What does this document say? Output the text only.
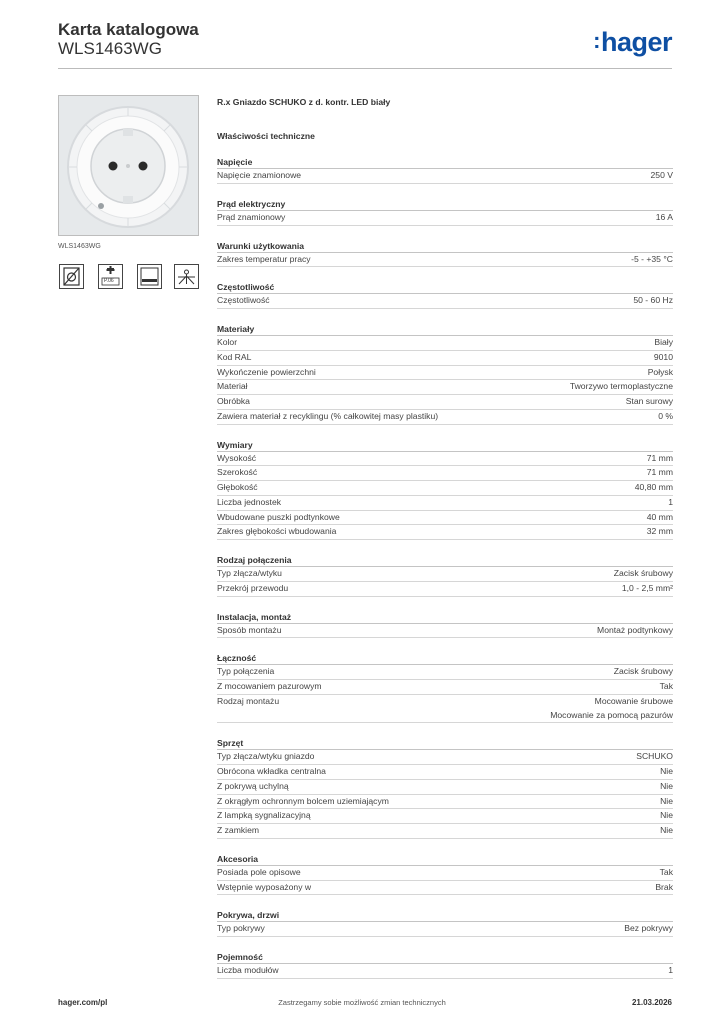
Karta katalogowa
WLS1463WG	:hager
WLS1463WG
P.06
R.x Gniazdo SCHUKO z d. kontr. LED biały
Właściwości techniczne
Napięcie
Napięcie znamionowe	250 V
Prąd elektryczny
Prąd znamionowy	16 A
Warunki użytkowania
Zakres temperatur pracy	-5 - +35 °C
Częstotliwość
Częstotliwość	50 - 60 Hz
Materiały
Kolor	Biały
Kod RAL	9010
Wykończenie powierzchni	Połysk
Materiał	Tworzywo termoplastyczne
Obróbka	Stan surowy
Zawiera materiał z recyklingu (% całkowitej masy plastiku)	0 %
Wymiary
Wysokość	71 mm
Szerokość	71 mm
Głębokość	40,80 mm
Liczba jednostek	1
Wbudowane puszki podtynkowe	40 mm
Zakres głębokości wbudowania	32 mm
Rodzaj połączenia
Typ złącza/wtyku	Zacisk śrubowy
Przekrój przewodu	1,0 - 2,5 mm²
Instalacja, montaż
Sposób montażu	Montaż podtynkowy
Łączność
Typ połączenia	Zacisk śrubowy
Z mocowaniem pazurowym	Tak
Rodzaj montażu	Mocowanie śrubowe
Mocowanie za pomocą pazurów
Sprzęt
Typ złącza/wtyku gniazdo	SCHUKO
Obrócona wkładka centralna	Nie
Z pokrywą uchylną	Nie
Z okrągłym ochronnym bolcem uziemiającym	Nie
Z lampką sygnalizacyjną	Nie
Z zamkiem	Nie
Akcesoria
Posiada pole opisowe	Tak
Wstępnie wyposażony w	Brak
Pokrywa, drzwi
Typ pokrywy	Bez pokrywy
Pojemność
Liczba modułów	1
hager.com/pl	Zastrzegamy sobie możliwość zmian technicznych	21.03.2026
